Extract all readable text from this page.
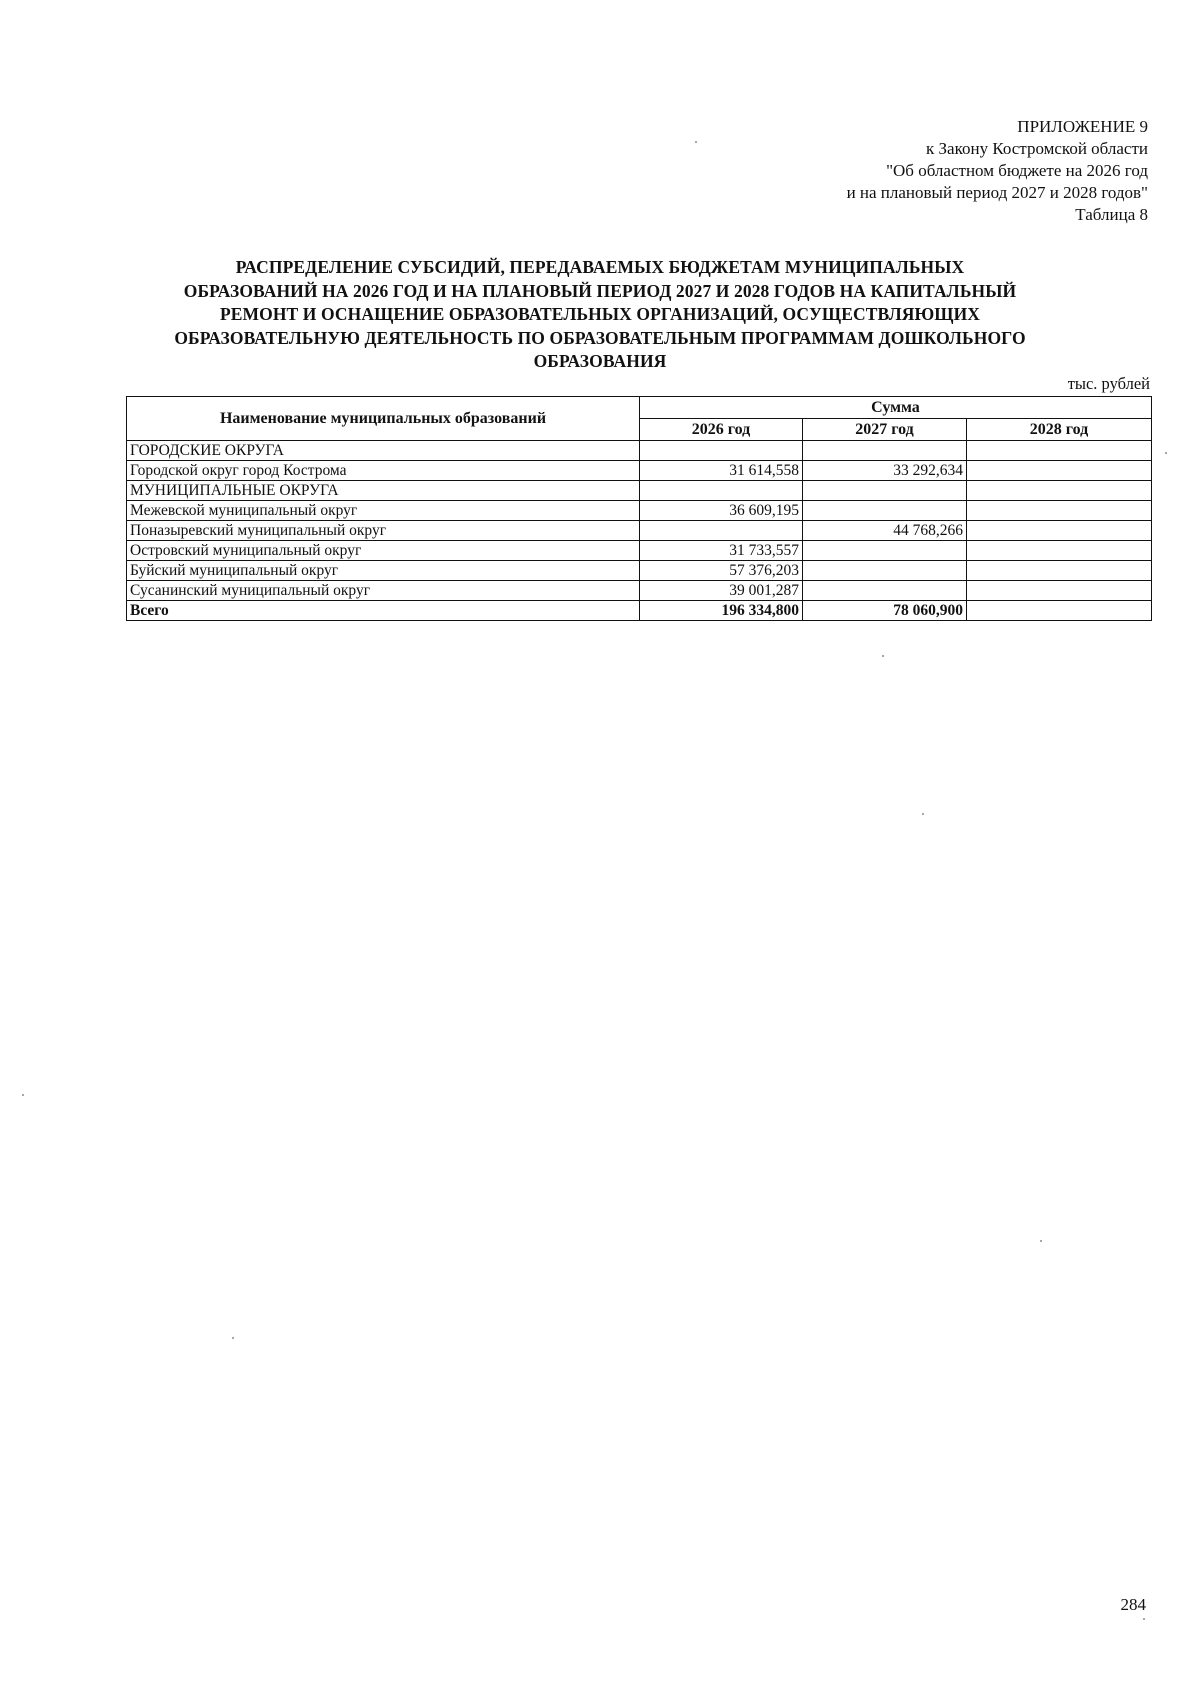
ПРИЛОЖЕНИЕ 9
к Закону Костромской области
"Об областном бюджете на 2026 год
и на плановый период 2027 и 2028 годов"
Таблица 8
РАСПРЕДЕЛЕНИЕ СУБСИДИЙ, ПЕРЕДАВАЕМЫХ БЮДЖЕТАМ МУНИЦИПАЛЬНЫХ
ОБРАЗОВАНИЙ НА 2026 ГОД И НА ПЛАНОВЫЙ ПЕРИОД 2027 И 2028 ГОДОВ НА КАПИТАЛЬНЫЙ
РЕМОНТ И ОСНАЩЕНИЕ ОБРАЗОВАТЕЛЬНЫХ ОРГАНИЗАЦИЙ, ОСУЩЕСТВЛЯЮЩИХ
ОБРАЗОВАТЕЛЬНУЮ ДЕЯТЕЛЬНОСТЬ ПО ОБРАЗОВАТЕЛЬНЫМ ПРОГРАММАМ ДОШКОЛЬНОГО
ОБРАЗОВАНИЯ
тыс. рублей
Наименование муниципальных образований	Сумма		
	2026 год	2027 год	2028 год
ГОРОДСКИЕ ОКРУГА			
Городской округ город Кострома	31 614,558	33 292,634	
МУНИЦИПАЛЬНЫЕ ОКРУГА			
Межевской муниципальный округ	36 609,195		
Поназыревский муниципальный округ		44 768,266	
Островский муниципальный округ	31 733,557		
Буйский муниципальный округ	57 376,203		
Сусанинский муниципальный округ	39 001,287		
Всего	196 334,800	78 060,900	
284
